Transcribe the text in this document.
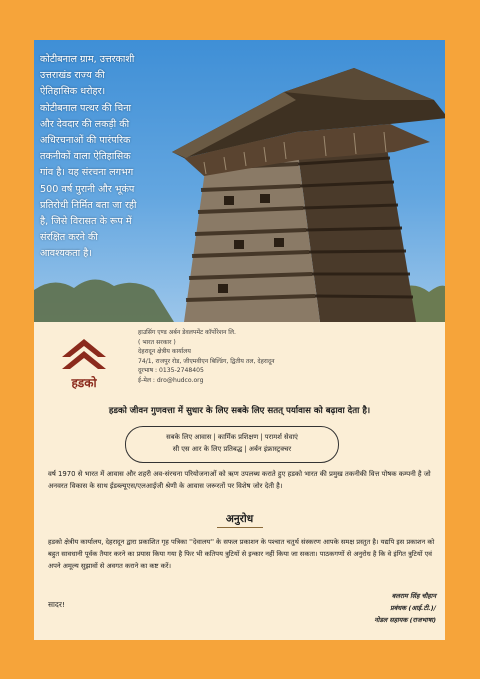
कोटीबनाल ग्राम, उत्तरकाशी

उत्तराखंड राज्य की

ऐतिहासिक धरोहर।

कोटीबनाल पत्थर की चिना

और देवदार की लकड़ी की

अधिरचनाओं की पारंपरिक

तकनीकों वाला ऐतिहासिक

गांव है। यह संरचना लगभग

500 वर्ष पुरानी और भूकंप

प्रतिरोधी निर्मित बता जा रही

है, जिसे विरासत के रूप में

संरक्षित करने की

आवश्यकता है।

हडको
हाउसिंग एण्ड अर्बन डेवलपमेंट कॉर्पोरेशन लि.
( भारत सरकार )
देहरादून क्षेत्रीय कार्यालय
74/1, राजपुर रोड, जीएमवीएन बिल्डिंग, द्वितीय तल, देहरादून
दूरभाष : 0135-2748405
ई-मेल : dro@hudco.org
हडको जीवन गुणवत्ता में सुधार के लिए सबके लिए सतत् पर्यावास को बढ़ावा देता है।
सबके लिए आवास | कार्मिक प्रशिक्षण | परामर्श सेवाएं
सी एस आर के लिए प्रतिबद्ध | अर्बन इंफ्रास्ट्रक्चर
वर्ष 1970 से भारत में आवास और शहरी अव-संरचना परियोजनाओं को ऋण उपलब्ध कराते हुए हडको भारत की प्रमुख तकनीकी वित्त पोषक कम्पनी है जो अनवरत विकास के साथ ईडब्ल्यूएस/एलआईजी श्रेणी के आवास जरूरतों पर विशेष जोर देती है।
अनुरोध
हडको क्षेत्रीय कार्यालय, देहरादून द्वारा प्रकाशित गृह पत्रिका ''देवालय'' के सफल प्रकाशन के पश्चात चतुर्थ संस्करण आपके समक्ष प्रस्तुत है। यद्यपि इस प्रकाशन को बहुत सावधानी पूर्वक तैयार करने का प्रयास किया गया है फिर भी कतिपय त्रुटियों से इन्कार नहीं किया जा सकता। पाठकगणों से अनुरोध है कि वे इंगित त्रुटियों एवं अपने अमूल्य सुझावों से अवगत कराने का कष्ट करें।
सादर!
बलराम सिंह चौहान
प्रबंधक (आई.टी.)/
नोडल सहायक (राजभाषा)
